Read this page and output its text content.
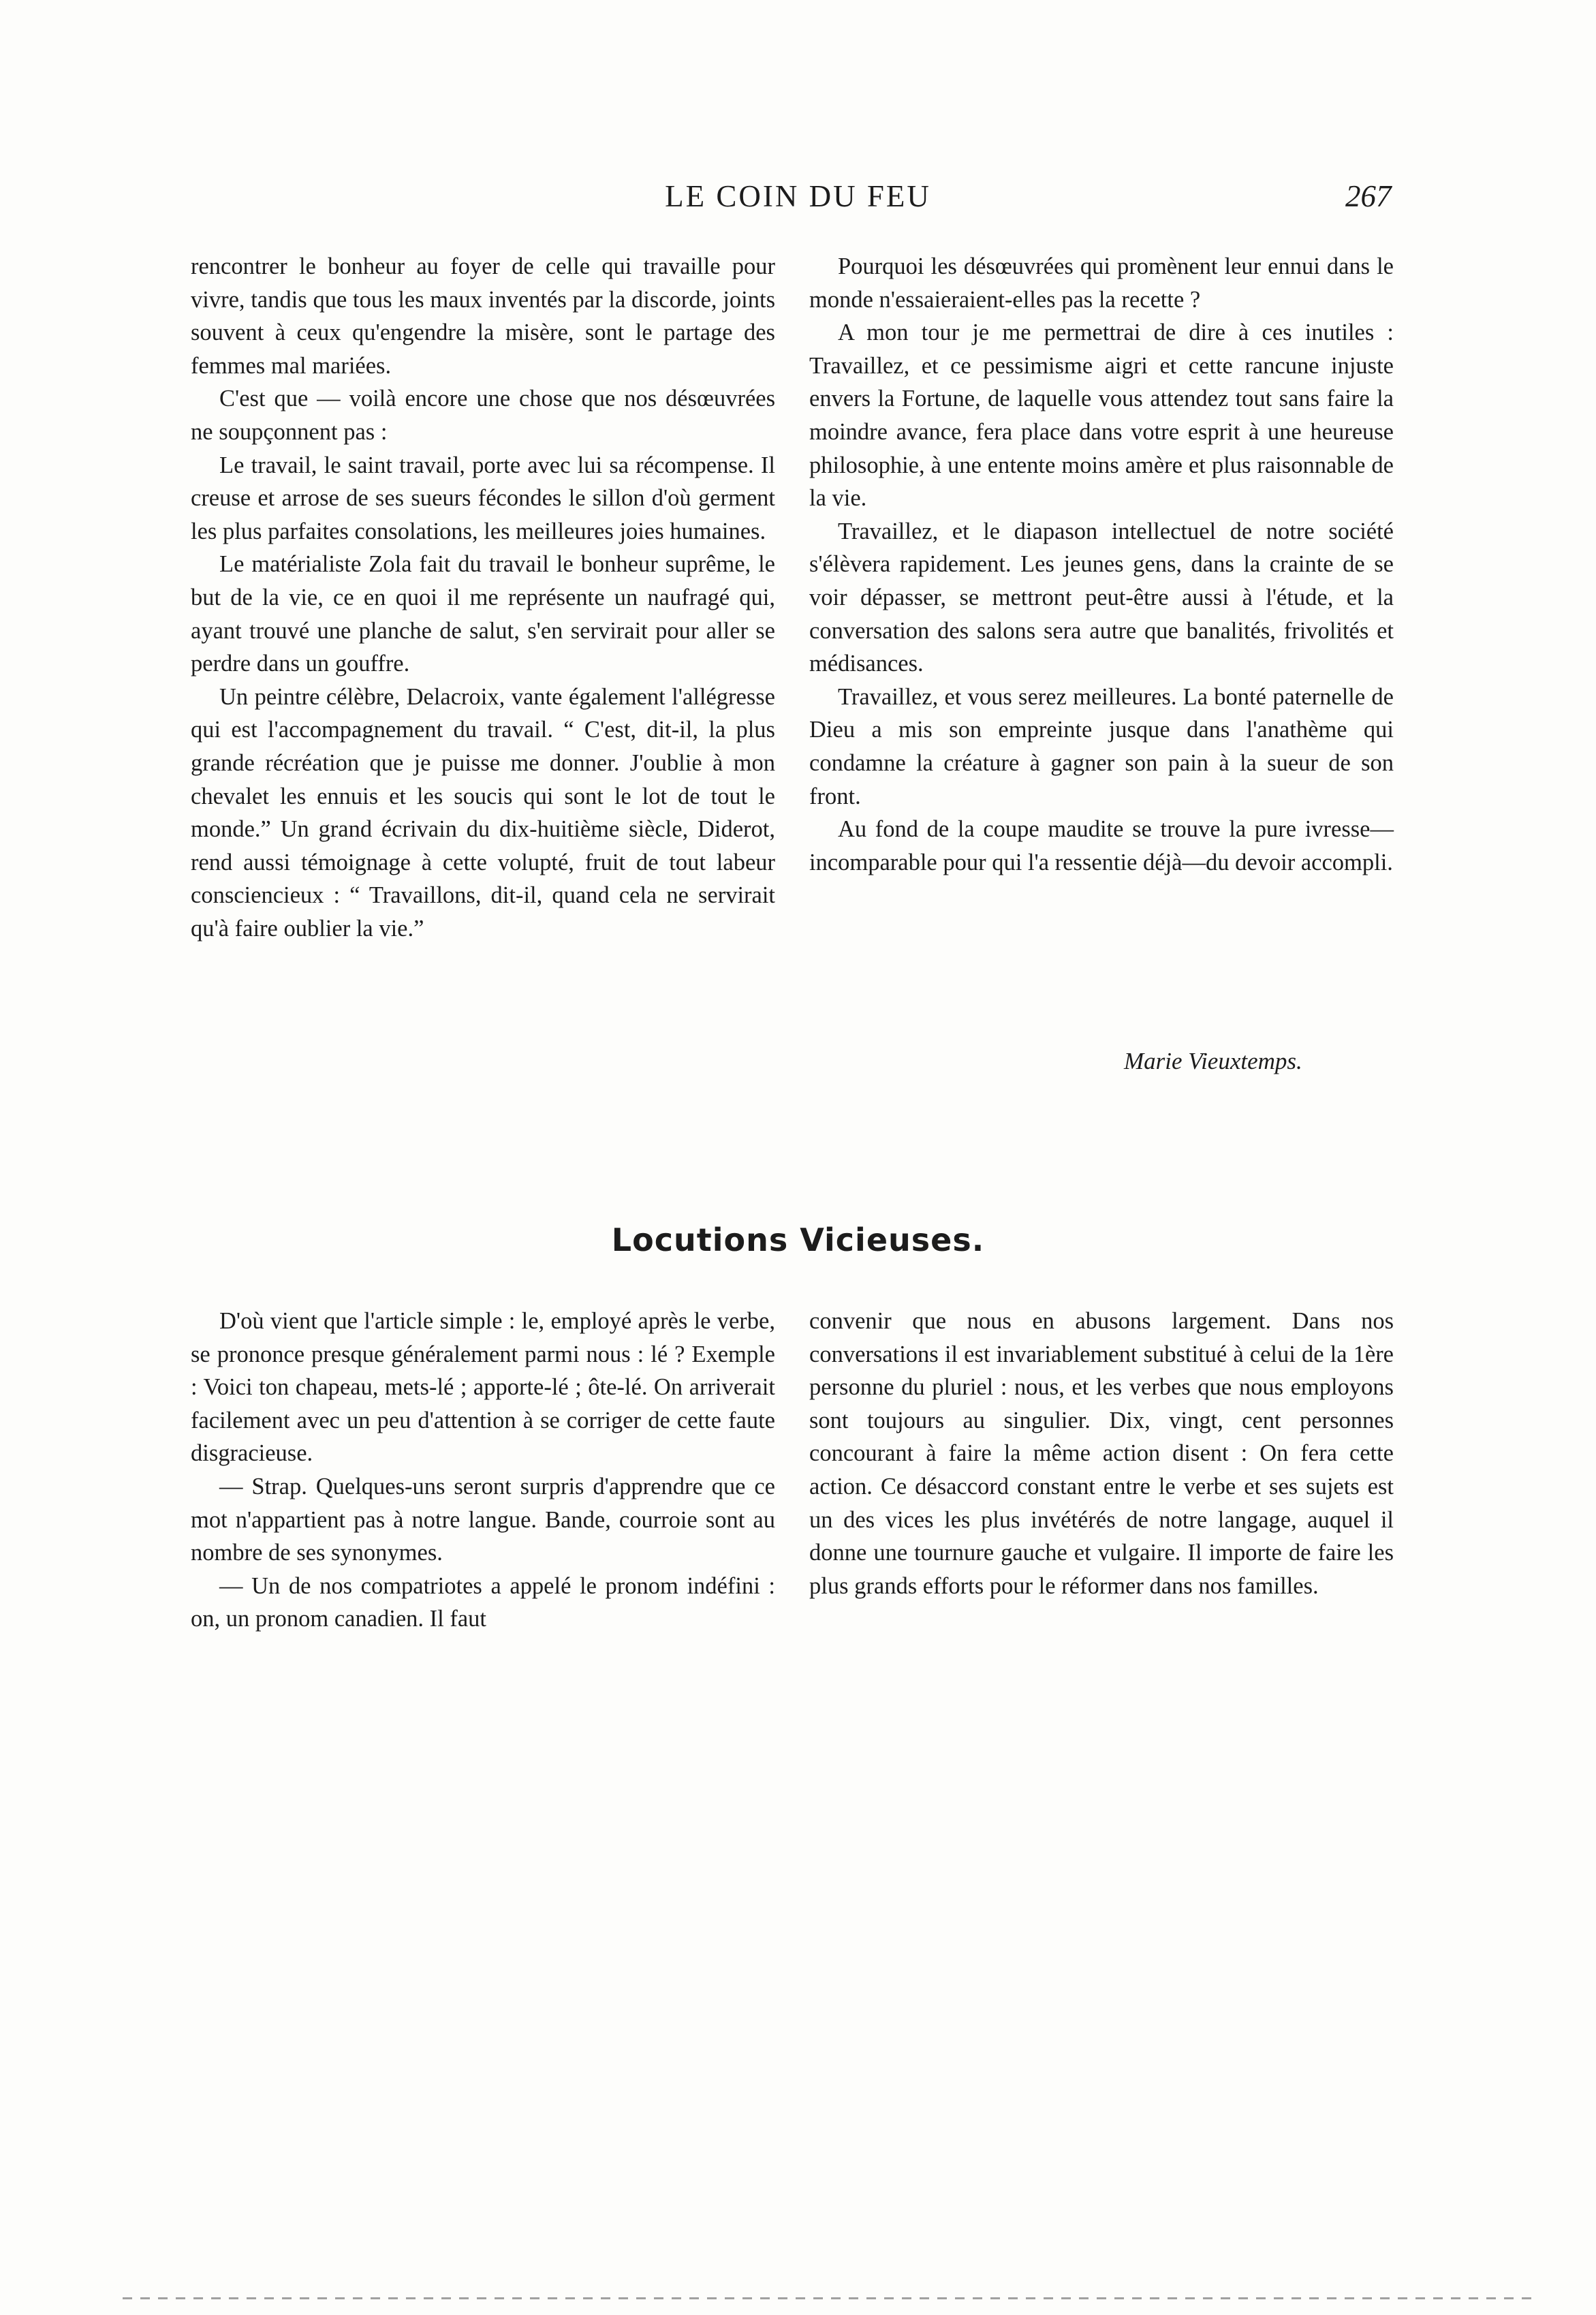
LE COIN DU FEU	267

rencontrer le bonheur au foyer de celle qui travaille pour vivre, tandis que tous les maux inventés par la discorde, joints souvent à ceux qu'engendre la misère, sont le partage des femmes mal mariées.

C'est que — voilà encore une chose que nos désœuvrées ne soupçonnent pas :

Le travail, le saint travail, porte avec lui sa récompense. Il creuse et arrose de ses sueurs fécondes le sillon d'où germent les plus parfaites consolations, les meilleures joies humaines.

Le matérialiste Zola fait du travail le bonheur suprême, le but de la vie, ce en quoi il me représente un naufragé qui, ayant trouvé une planche de salut, s'en servirait pour aller se perdre dans un gouffre.

Un peintre célèbre, Delacroix, vante également l'allégresse qui est l'accompagnement du travail. “ C'est, dit-il, la plus grande récréation que je puisse me donner. J'oublie à mon chevalet les ennuis et les soucis qui sont le lot de tout le monde.” Un grand écrivain du dix-huitième siècle, Diderot, rend aussi témoignage à cette volupté, fruit de tout labeur consciencieux : “ Travaillons, dit-il, quand cela ne servirait qu'à faire oublier la vie.”

Pourquoi les désœuvrées qui promènent leur ennui dans le monde n'essaieraient-elles pas la recette ?

A mon tour je me permettrai de dire à ces inutiles : Travaillez, et ce pessimisme aigri et cette rancune injuste envers la Fortune, de laquelle vous attendez tout sans faire la moindre avance, fera place dans votre esprit à une heureuse philosophie, à une entente moins amère et plus raisonnable de la vie.

Travaillez, et le diapason intellectuel de notre société s'élèvera rapidement. Les jeunes gens, dans la crainte de se voir dépasser, se mettront peut-être aussi à l'étude, et la conversation des salons sera autre que banalités, frivolités et médisances.

Travaillez, et vous serez meilleures. La bonté paternelle de Dieu a mis son empreinte jusque dans l'anathème qui condamne la créature à gagner son pain à la sueur de son front.

Au fond de la coupe maudite se trouve la pure ivresse—incomparable pour qui l'a ressentie déjà—du devoir accompli.

Marie Vieuxtemps.
Locutions Vicieuses.

D'où vient que l'article simple : le, employé après le verbe, se prononce presque généralement parmi nous : lé ? Exemple : Voici ton chapeau, mets-lé ; apporte-lé ; ôte-lé. On arriverait facilement avec un peu d'attention à se corriger de cette faute disgracieuse.

— Strap. Quelques-uns seront surpris d'apprendre que ce mot n'appartient pas à notre langue. Bande, courroie sont au nombre de ses synonymes.

— Un de nos compatriotes a appelé le pronom indéfini : on, un pronom canadien. Il faut

convenir que nous en abusons largement. Dans nos conversations il est invariablement substitué à celui de la 1ère personne du pluriel : nous, et les verbes que nous employons sont toujours au singulier. Dix, vingt, cent personnes concourant à faire la même action disent : On fera cette action. Ce désaccord constant entre le verbe et ses sujets est un des vices les plus invétérés de notre langage, auquel il donne une tournure gauche et vulgaire. Il importe de faire les plus grands efforts pour le réformer dans nos familles.
